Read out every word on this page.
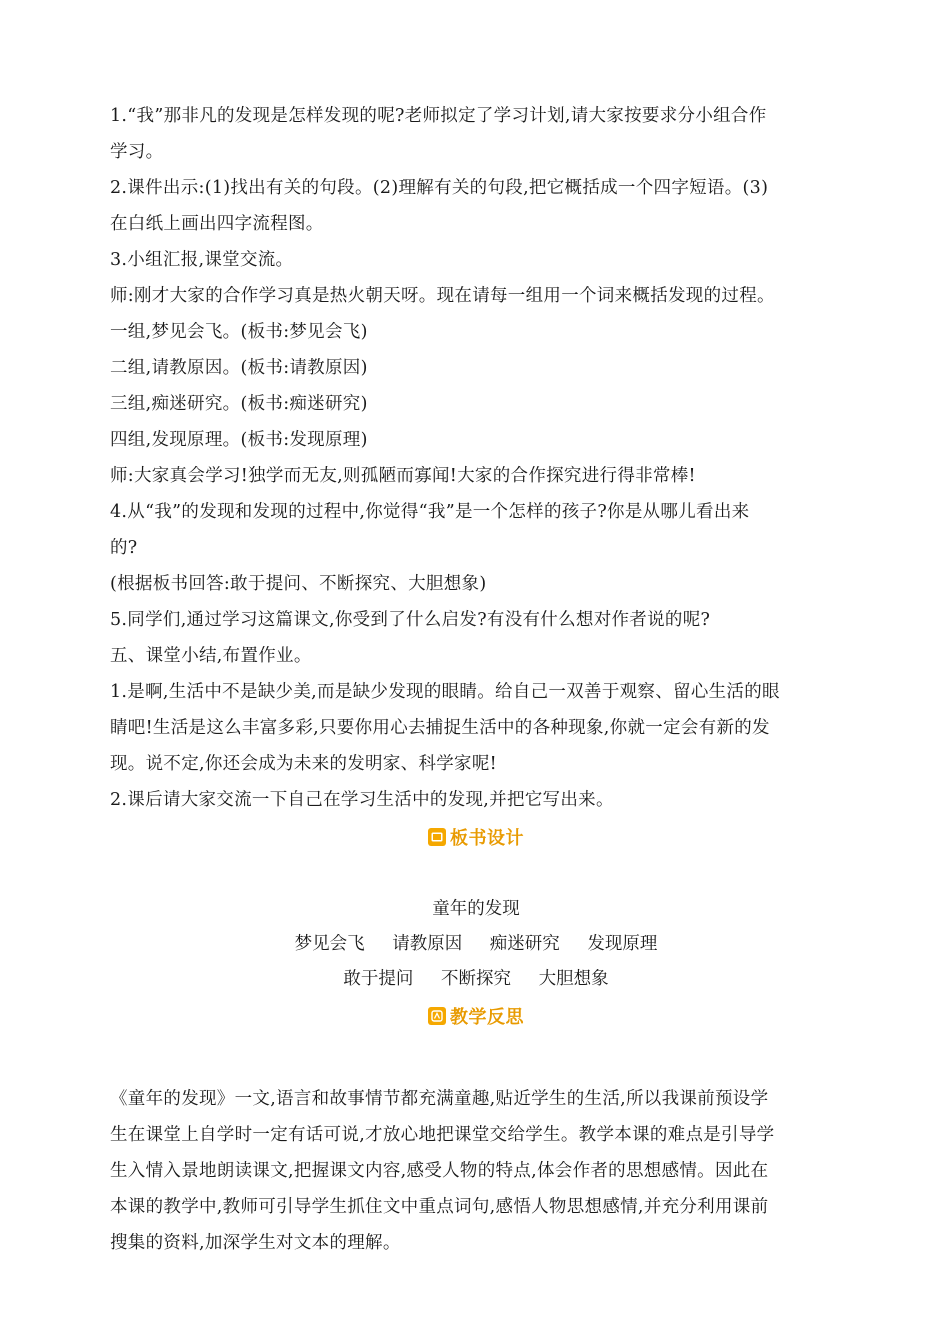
1.“我”那非凡的发现是怎样发现的呢?老师拟定了学习计划,请大家按要求分小组合作

学习。

2.课件出示:(1)找出有关的句段。(2)理解有关的句段,把它概括成一个四字短语。(3)

在白纸上画出四字流程图。

3.小组汇报,课堂交流。

师:刚才大家的合作学习真是热火朝天呀。现在请每一组用一个词来概括发现的过程。

一组,梦见会飞。(板书:梦见会飞)

二组,请教原因。(板书:请教原因)

三组,痴迷研究。(板书:痴迷研究)

四组,发现原理。(板书:发现原理)

师:大家真会学习!独学而无友,则孤陋而寡闻!大家的合作探究进行得非常棒!

4.从“我”的发现和发现的过程中,你觉得“我”是一个怎样的孩子?你是从哪儿看出来

的?

(根据板书回答:敢于提问、不断探究、大胆想象)

5.同学们,通过学习这篇课文,你受到了什么启发?有没有什么想对作者说的呢?

五、课堂小结,布置作业。

1.是啊,生活中不是缺少美,而是缺少发现的眼睛。给自己一双善于观察、留心生活的眼

睛吧!生活是这么丰富多彩,只要你用心去捕捉生活中的各种现象,你就一定会有新的发

现。说不定,你还会成为未来的发明家、科学家呢!

2.课后请大家交流一下自己在学习生活中的发现,并把它写出来。

板书设计
童年的发现
梦见会飞 请教原因 痴迷研究 发现原理
敢于提问 不断探究 大胆想象
教学反思

《童年的发现》一文,语言和故事情节都充满童趣,贴近学生的生活,所以我课前预设学

生在课堂上自学时一定有话可说,才放心地把课堂交给学生。教学本课的难点是引导学

生入情入景地朗读课文,把握课文内容,感受人物的特点,体会作者的思想感情。因此在

本课的教学中,教师可引导学生抓住文中重点词句,感悟人物思想感情,并充分利用课前

搜集的资料,加深学生对文本的理解。
